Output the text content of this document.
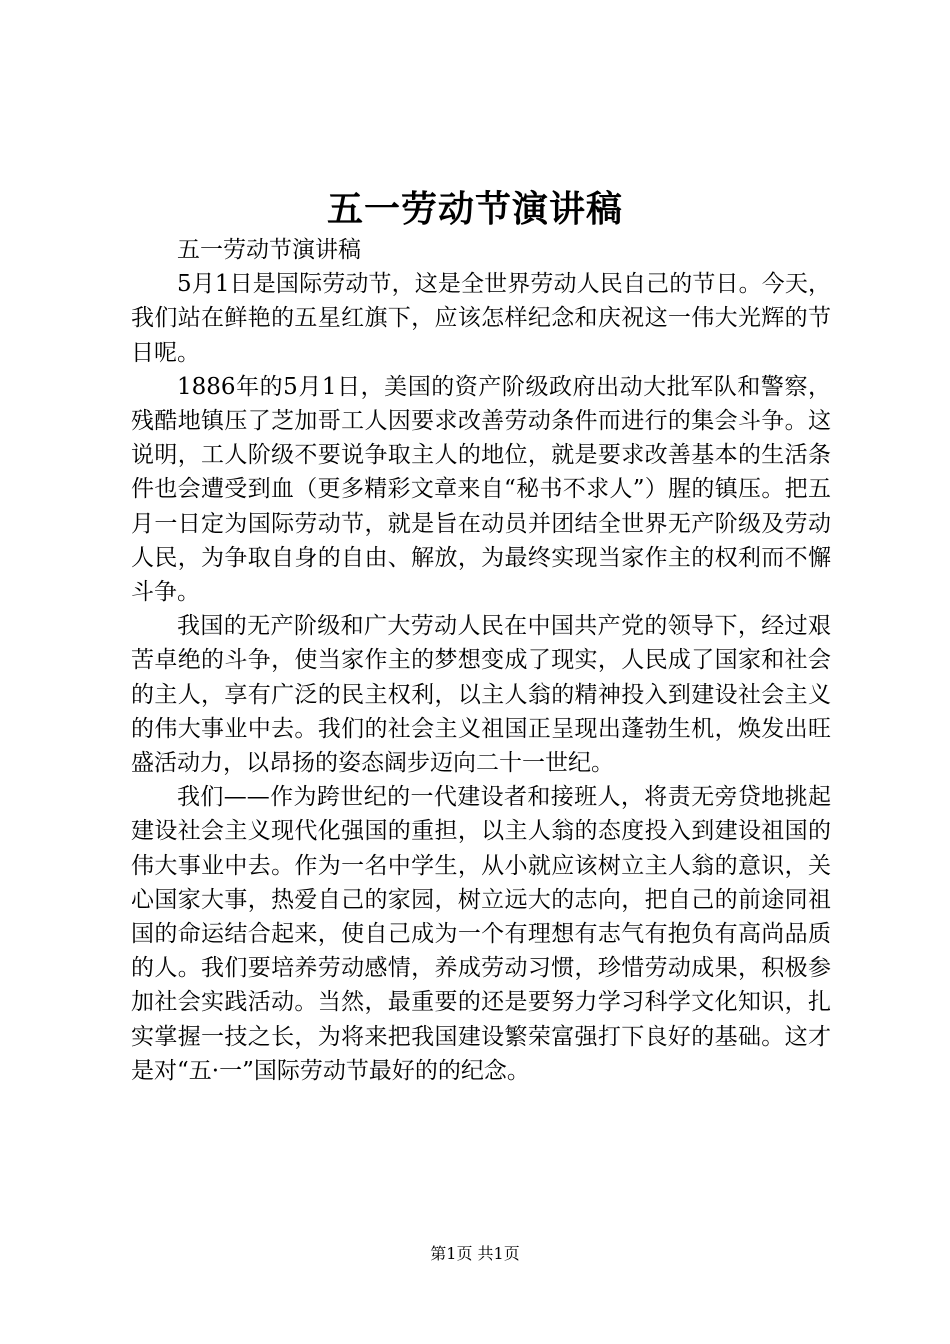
五一劳动节演讲稿

五一劳动节演讲稿

5月1日是国际劳动节，这是全世界劳动人民自己的节日。今天，我们站在鲜艳的五星红旗下，应该怎样纪念和庆祝这一伟大光辉的节日呢。

1886年的5月1日，美国的资产阶级政府出动大批军队和警察，残酷地镇压了芝加哥工人因要求改善劳动条件而进行的集会斗争。这说明，工人阶级不要说争取主人的地位，就是要求改善基本的生活条件也会遭受到血（更多精彩文章来自“秘书不求人”）腥的镇压。把五月一日定为国际劳动节，就是旨在动员并团结全世界无产阶级及劳动人民，为争取自身的自由、解放，为最终实现当家作主的权利而不懈斗争。

我国的无产阶级和广大劳动人民在中国共产党的领导下，经过艰苦卓绝的斗争，使当家作主的梦想变成了现实，人民成了国家和社会的主人，享有广泛的民主权利，以主人翁的精神投入到建设社会主义的伟大事业中去。我们的社会主义祖国正呈现出蓬勃生机，焕发出旺盛活动力，以昂扬的姿态阔步迈向二十一世纪。

我们——作为跨世纪的一代建设者和接班人，将责无旁贷地挑起建设社会主义现代化强国的重担，以主人翁的态度投入到建设祖国的伟大事业中去。作为一名中学生，从小就应该树立主人翁的意识，关心国家大事，热爱自己的家园，树立远大的志向，把自己的前途同祖国的命运结合起来，使自己成为一个有理想有志气有抱负有高尚品质的人。我们要培养劳动感情，养成劳动习惯，珍惜劳动成果，积极参加社会实践活动。当然，最重要的还是要努力学习科学文化知识，扎实掌握一技之长，为将来把我国建设繁荣富强打下良好的基础。这才是对“五·一”国际劳动节最好的的纪念。

第1页 共1页
